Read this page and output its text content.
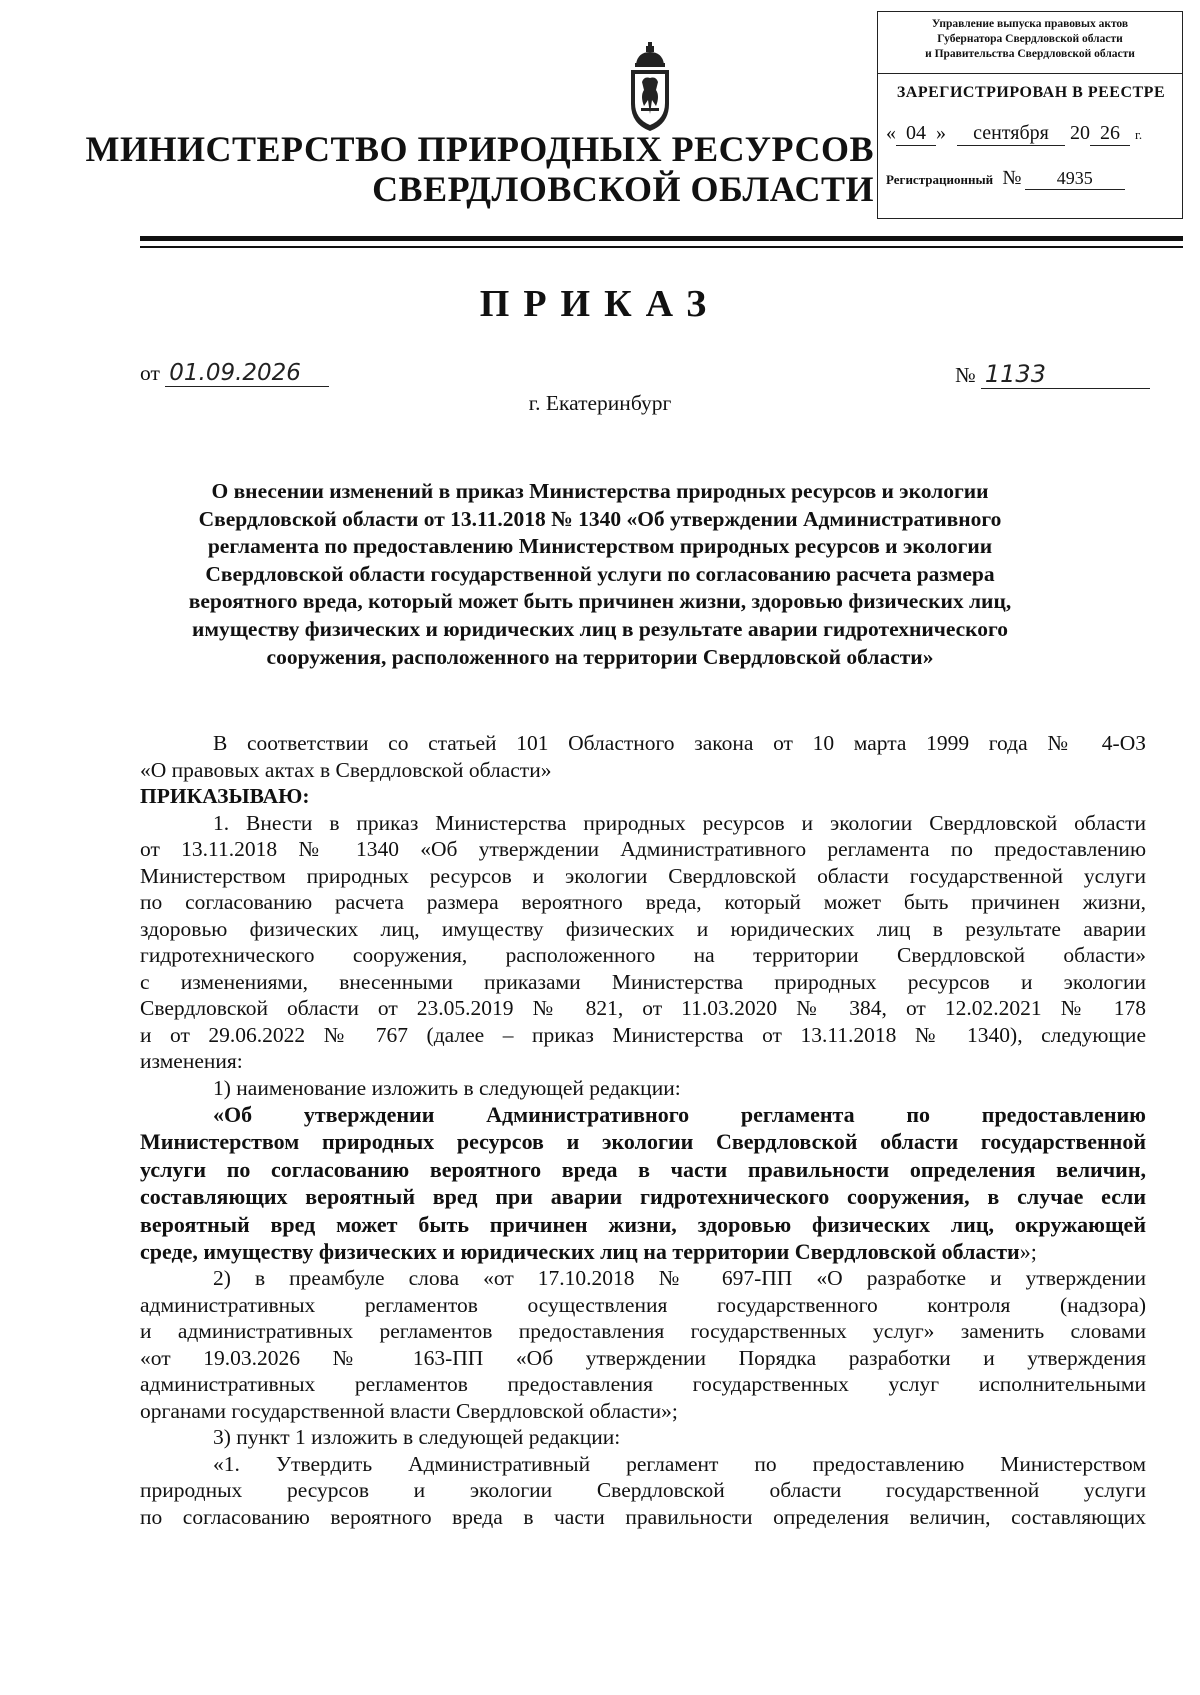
Управление выпуска правовых актов
Губернатора Свердловской области
и Правительства Свердловской области
ЗАРЕГИСТРИРОВАН В РЕЕСТРЕ
« 04 » сентября 20 26 г.
Регистрационный № 4935
МИНИСТЕРСТВО ПРИРОДНЫХ РЕСУРСОВ
СВЕРДЛОВСКОЙ ОБЛАСТИ
ПРИКАЗ
от 01.09.2026	№ 1133
г. Екатеринбург
О внесении изменений в приказ Министерства природных ресурсов и экологии
Свердловской области от 13.11.2018 № 1340 «Об утверждении Административного
регламента по предоставлению Министерством природных ресурсов и экологии
Свердловской области государственной услуги по согласованию расчета размера
вероятного вреда, который может быть причинен жизни, здоровью физических лиц,
имуществу физических и юридических лиц в результате аварии гидротехнического
сооружения, расположенного на территории Свердловской области»

В соответствии со статьей 101 Областного закона от 10 марта 1999 года № 4-ОЗ

«О правовых актах в Свердловской области»

ПРИКАЗЫВАЮ:

1. Внести в приказ Министерства природных ресурсов и экологии Свердловской области

от 13.11.2018 № 1340 «Об утверждении Административного регламента по предоставлению

Министерством природных ресурсов и экологии Свердловской области государственной услуги

по согласованию расчета размера вероятного вреда, который может быть причинен жизни,

здоровью физических лиц, имуществу физических и юридических лиц в результате аварии

гидротехнического сооружения, расположенного на территории Свердловской области»

с изменениями, внесенными приказами Министерства природных ресурсов и экологии

Свердловской области от 23.05.2019 № 821, от 11.03.2020 № 384, от 12.02.2021 № 178

и от 29.06.2022 № 767 (далее – приказ Министерства от 13.11.2018 № 1340), следующие

изменения:

1) наименование изложить в следующей редакции:

«Об утверждении Административного регламента по предоставлению

Министерством природных ресурсов и экологии Свердловской области государственной

услуги по согласованию вероятного вреда в части правильности определения величин,

составляющих вероятный вред при аварии гидротехнического сооружения, в случае если

вероятный вред может быть причинен жизни, здоровью физических лиц, окружающей

среде, имуществу физических и юридических лиц на территории Свердловской области»;

2) в преамбуле слова «от 17.10.2018 № 697-ПП «О разработке и утверждении

административных регламентов осуществления государственного контроля (надзора)

и административных регламентов предоставления государственных услуг» заменить словами

«от 19.03.2026 № 163-ПП «Об утверждении Порядка разработки и утверждения

административных регламентов предоставления государственных услуг исполнительными

органами государственной власти Свердловской области»;

3) пункт 1 изложить в следующей редакции:

«1. Утвердить Административный регламент по предоставлению Министерством

природных ресурсов и экологии Свердловской области государственной услуги

по согласованию вероятного вреда в части правильности определения величин, составляющих
